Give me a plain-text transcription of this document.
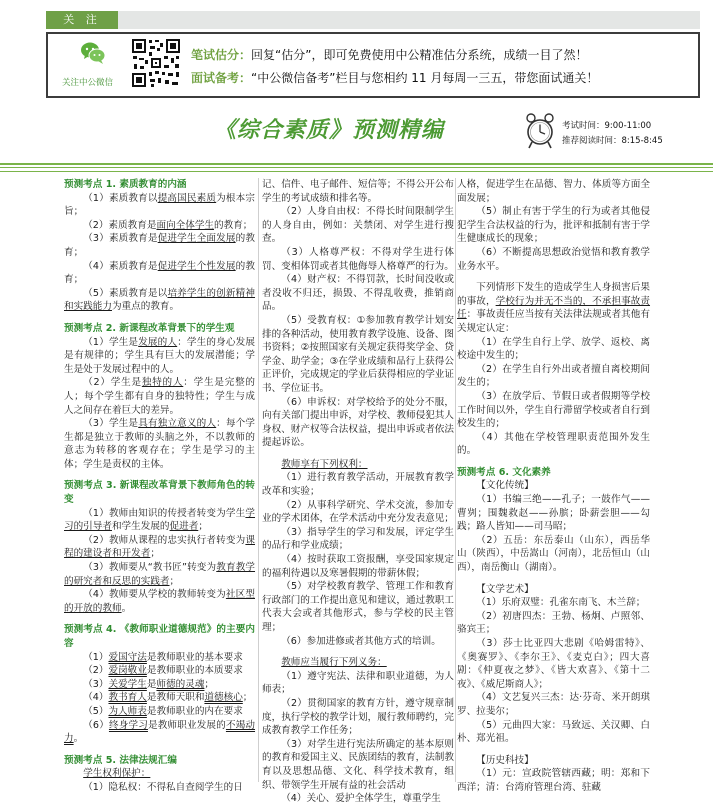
关 注
关注中公微信
笔试估分：回复“估分”，即可免费使用中公精准估分系统，成绩一目了然！
面试备考：“中公微信备考”栏目与您相约 11 月每周一三五，带您面试通关！
《综合素质》预测精编	考试时间：9:00-11:00
推荐阅读时间：8:15-8:45

预测考点 1. 素质教育的内涵

（1）素质教育以提高国民素质为根本宗旨；

（2）素质教育是面向全体学生的教育；

（3）素质教育是促进学生全面发展的教育；

（4）素质教育是促进学生个性发展的教育；

（5）素质教育是以培养学生的创新精神和实践能力为重点的教育。

预测考点 2. 新课程改革背景下的学生观

（1）学生是发展的人：学生的身心发展是有规律的；学生具有巨大的发展潜能；学生是处于发展过程中的人。

（2）学生是独特的人：学生是完整的人；每个学生都有自身的独特性；学生与成人之间存在着巨大的差异。

（3）学生是具有独立意义的人：每个学生都是独立于教师的头脑之外，不以教师的意志为转移的客观存在；学生是学习的主体；学生是责权的主体。

预测考点 3. 新课程改革背景下教师角色的转变

（1）教师由知识的传授者转变为学生学习的引导者和学生发展的促进者；

（2）教师从课程的忠实执行者转变为课程的建设者和开发者；

（3）教师要从“教书匠”转变为教育教学的研究者和反思的实践者；

（4）教师要从学校的教师转变为社区型的开放的教师。

预测考点 4. 《教师职业道德规范》的主要内容

（1）爱国守法是教师职业的基本要求

（2）爱岗敬业是教师职业的本质要求

（3）关爱学生是师德的灵魂；

（4）教书育人是教师天职和道德核心；

（5）为人师表是教师职业的内在要求

（6）终身学习是教师职业发展的不竭动力。

预测考点 5. 法律法规汇编

学生权利保护：

（1）隐私权：不得私自查阅学生的日

记、信件、电子邮件、短信等；不得公开公布学生的考试成绩和排名等。

（2）人身自由权：不得长时间限制学生的人身自由，例如：关禁闭、对学生进行搜查。

（3）人格尊严权：不得对学生进行体罚、变相体罚或者其他侮辱人格尊严的行为。

（4）财产权：不得罚款，长时间没收或者没收不归还，损毁、不得乱收费，推销商品。

（5）受教育权：①参加教育教学计划安排的各种活动，使用教育教学设施、设备、图书资料；②按照国家有关规定获得奖学金、贷学金、助学金；③在学业成绩和品行上获得公正评价，完成规定的学业后获得相应的学业证书、学位证书。

（6）申诉权：对学校给予的处分不服，向有关部门提出申诉，对学校、教师侵犯其人身权、财产权等合法权益，提出申诉或者依法提起诉讼。

教师享有下列权利：

（1）进行教育教学活动，开展教育教学改革和实验；

（2）从事科学研究、学术交流，参加专业的学术团体，在学术活动中充分发表意见；

（3）指导学生的学习和发展，评定学生的品行和学业成绩；

（4）按时获取工资报酬，享受国家规定的福利待遇以及寒暑假期的带薪休假；

（5）对学校教育教学、管理工作和教育行政部门的工作提出意见和建议，通过教职工代表大会或者其他形式，参与学校的民主管理；

（6）参加进修或者其他方式的培训。

教师应当履行下列义务：

（1）遵守宪法、法律和职业道德，为人师表；

（2）贯彻国家的教育方针，遵守规章制度，执行学校的教学计划，履行教师聘约，完成教育教学工作任务；

（3）对学生进行宪法所确定的基本原则的教育和爱国主义、民族团结的教育，法制教育以及思想品德、文化、科学技术教育，组织、带领学生开展有益的社会活动

（4）关心、爱护全体学生，尊重学生

人格，促进学生在品德、智力、体质等方面全面发展；

（5）制止有害于学生的行为或者其他侵犯学生合法权益的行为，批评和抵制有害于学生健康成长的现象；

（6）不断提高思想政治觉悟和教育教学业务水平。

下列情形下发生的造成学生人身损害后果的事故，学校行为并无不当的，不承担事故责任：事故责任应当按有关法律法规或者其他有关规定认定：

（1）在学生自行上学、放学、返校、离校途中发生的；

（2）在学生自行外出或者擅自离校期间发生的；

（3）在放学后、节假日或者假期等学校工作时间以外，学生自行滞留学校或者自行到校发生的；

（4）其他在学校管理职责范围外发生的。

预测考点 6. 文化素养

【文化传统】

（1）书编三绝——孔子；一鼓作气——曹刿；围魏救赵——孙膑；卧薪尝胆——勾践；路人皆知——司马昭；

（2）五岳：东岳泰山（山东），西岳华山（陕西），中岳嵩山（河南），北岳恒山（山西），南岳衡山（湖南）。

【文学艺术】

（1）乐府双璧：孔雀东南飞、木兰辞；

（2）初唐四杰：王勃、杨炯、卢照邻、骆宾王；

（3）莎士比亚四大悲剧《哈姆雷特》、《奥赛罗》、《李尔王》、《麦克白》；四大喜剧：《仲夏夜之梦》、《皆大欢喜》、《第十二夜》、《威尼斯商人》；

（4）文艺复兴三杰：达·芬奇、米开朗琪罗、拉斐尔；

（5）元曲四大家：马致远、关汉卿、白朴、郑光祖。

【历史科技】

（1）元：宣政院管辖西藏；明：郑和下西洋；清：台湾府管理台湾、驻藏
